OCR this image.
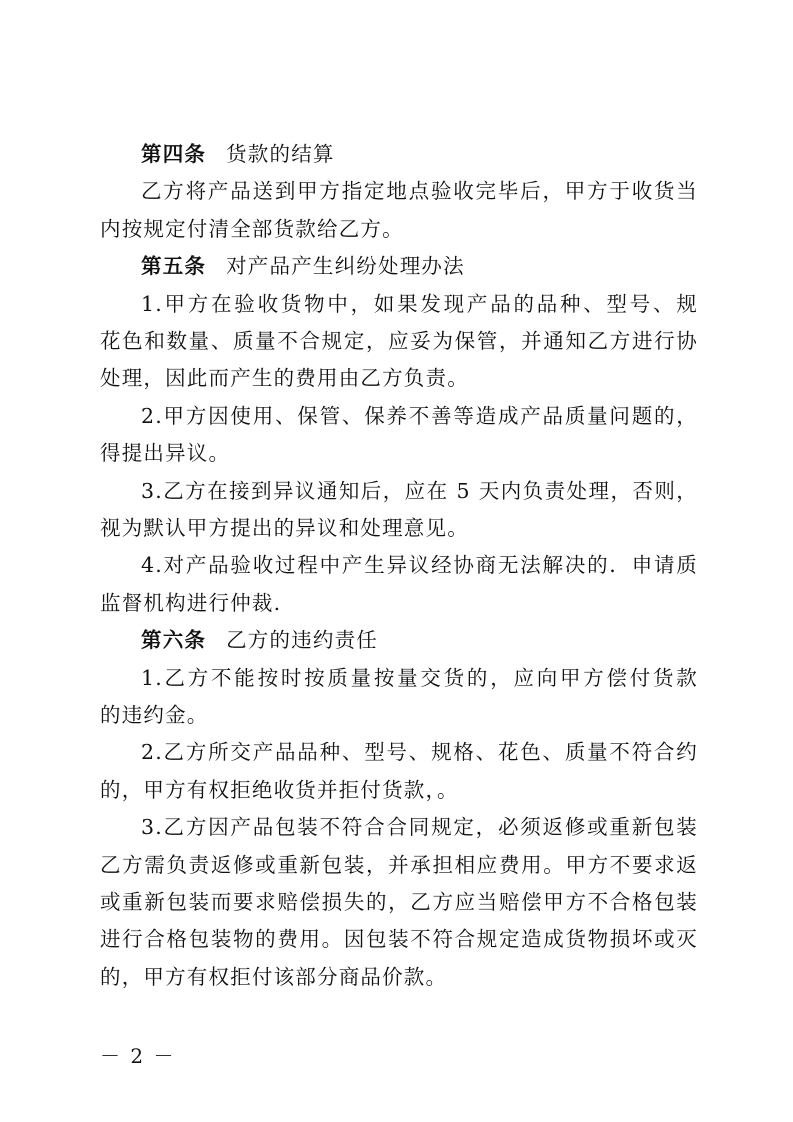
第四条 货款的结算
乙方将产品送到甲方指定地点验收完毕后，甲方于收货当
内按规定付清全部货款给乙方。
第五条 对产品产生纠纷处理办法
1.甲方在验收货物中，如果发现产品的品种、型号、规
花色和数量、质量不合规定，应妥为保管，并通知乙方进行协
处理，因此而产生的费用由乙方负责。
2.甲方因使用、保管、保养不善等造成产品质量问题的，
得提出异议。
3.乙方在接到异议通知后，应在 5 天内负责处理，否则，
视为默认甲方提出的异议和处理意见。
4.对产品验收过程中产生异议经协商无法解决的．申请质
监督机构进行仲裁.
第六条 乙方的违约责任
1.乙方不能按时按质量按量交货的，应向甲方偿付货款
的违约金。
2.乙方所交产品品种、型号、规格、花色、质量不符合约
的，甲方有权拒绝收货并拒付货款，。
3.乙方因产品包装不符合合同规定，必须返修或重新包装
乙方需负责返修或重新包装，并承担相应费用。甲方不要求返
或重新包装而要求赔偿损失的，乙方应当赔偿甲方不合格包装
进行合格包装物的费用。因包装不符合规定造成货物损坏或灭
的，甲方有权拒付该部分商品价款。
－ 2 －
